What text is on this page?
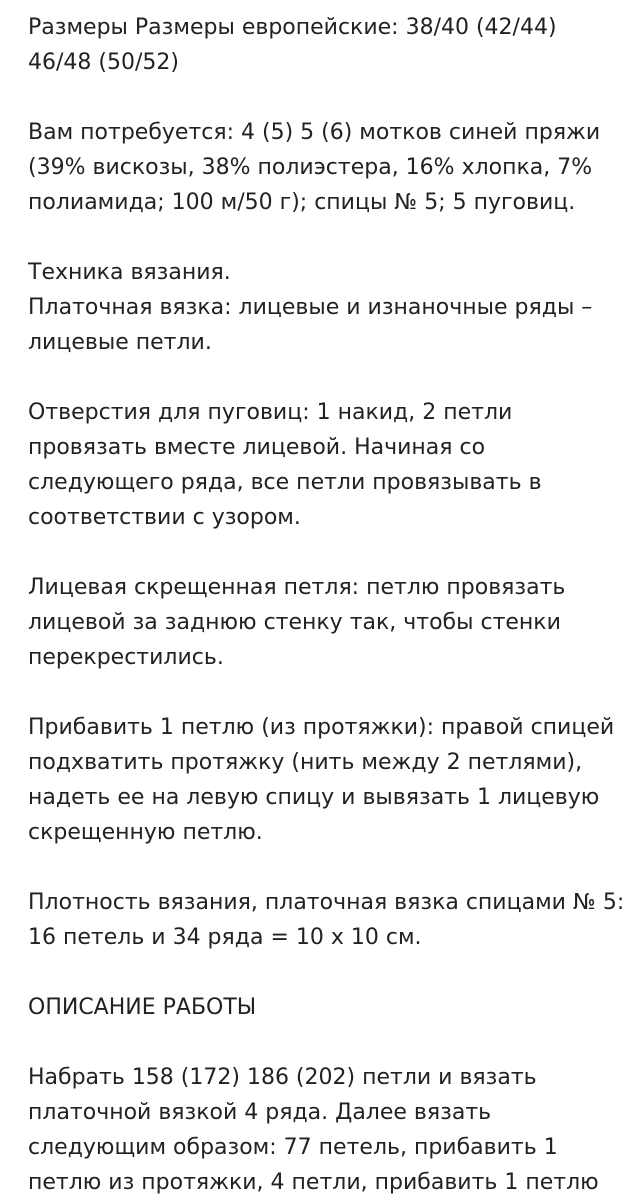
Размеры Размеры европейские: 38/40 (42/44)
46/48 (50/52)
Вам потребуется: 4 (5) 5 (6) мотков синей пряжи
(39% вискозы, 38% полиэстера, 16% хлопка, 7%
полиамида; 100 м/50 г); спицы № 5; 5 пуговиц.
Техника вязания.
Платочная вязка: лицевые и изнаночные ряды –
лицевые петли.
Отверстия для пуговиц: 1 накид, 2 петли
провязать вместе лицевой. Начиная со
следующего ряда, все петли провязывать в
соответствии с узором.
Лицевая скрещенная петля: петлю провязать
лицевой за заднюю стенку так, чтобы стенки
перекрестились.
Прибавить 1 петлю (из протяжки): правой спицей
подхватить протяжку (нить между 2 петлями),
надеть ее на левую спицу и вывязать 1 лицевую
скрещенную петлю.
Плотность вязания, платочная вязка спицами № 5:
16 петель и 34 ряда = 10 х 10 см.
ОПИСАНИЕ РАБОТЫ
Набрать 158 (172) 186 (202) петли и вязать
платочной вязкой 4 ряда. Далее вязать
следующим образом: 77 петель, прибавить 1
петлю из протяжки, 4 петли, прибавить 1 петлю
